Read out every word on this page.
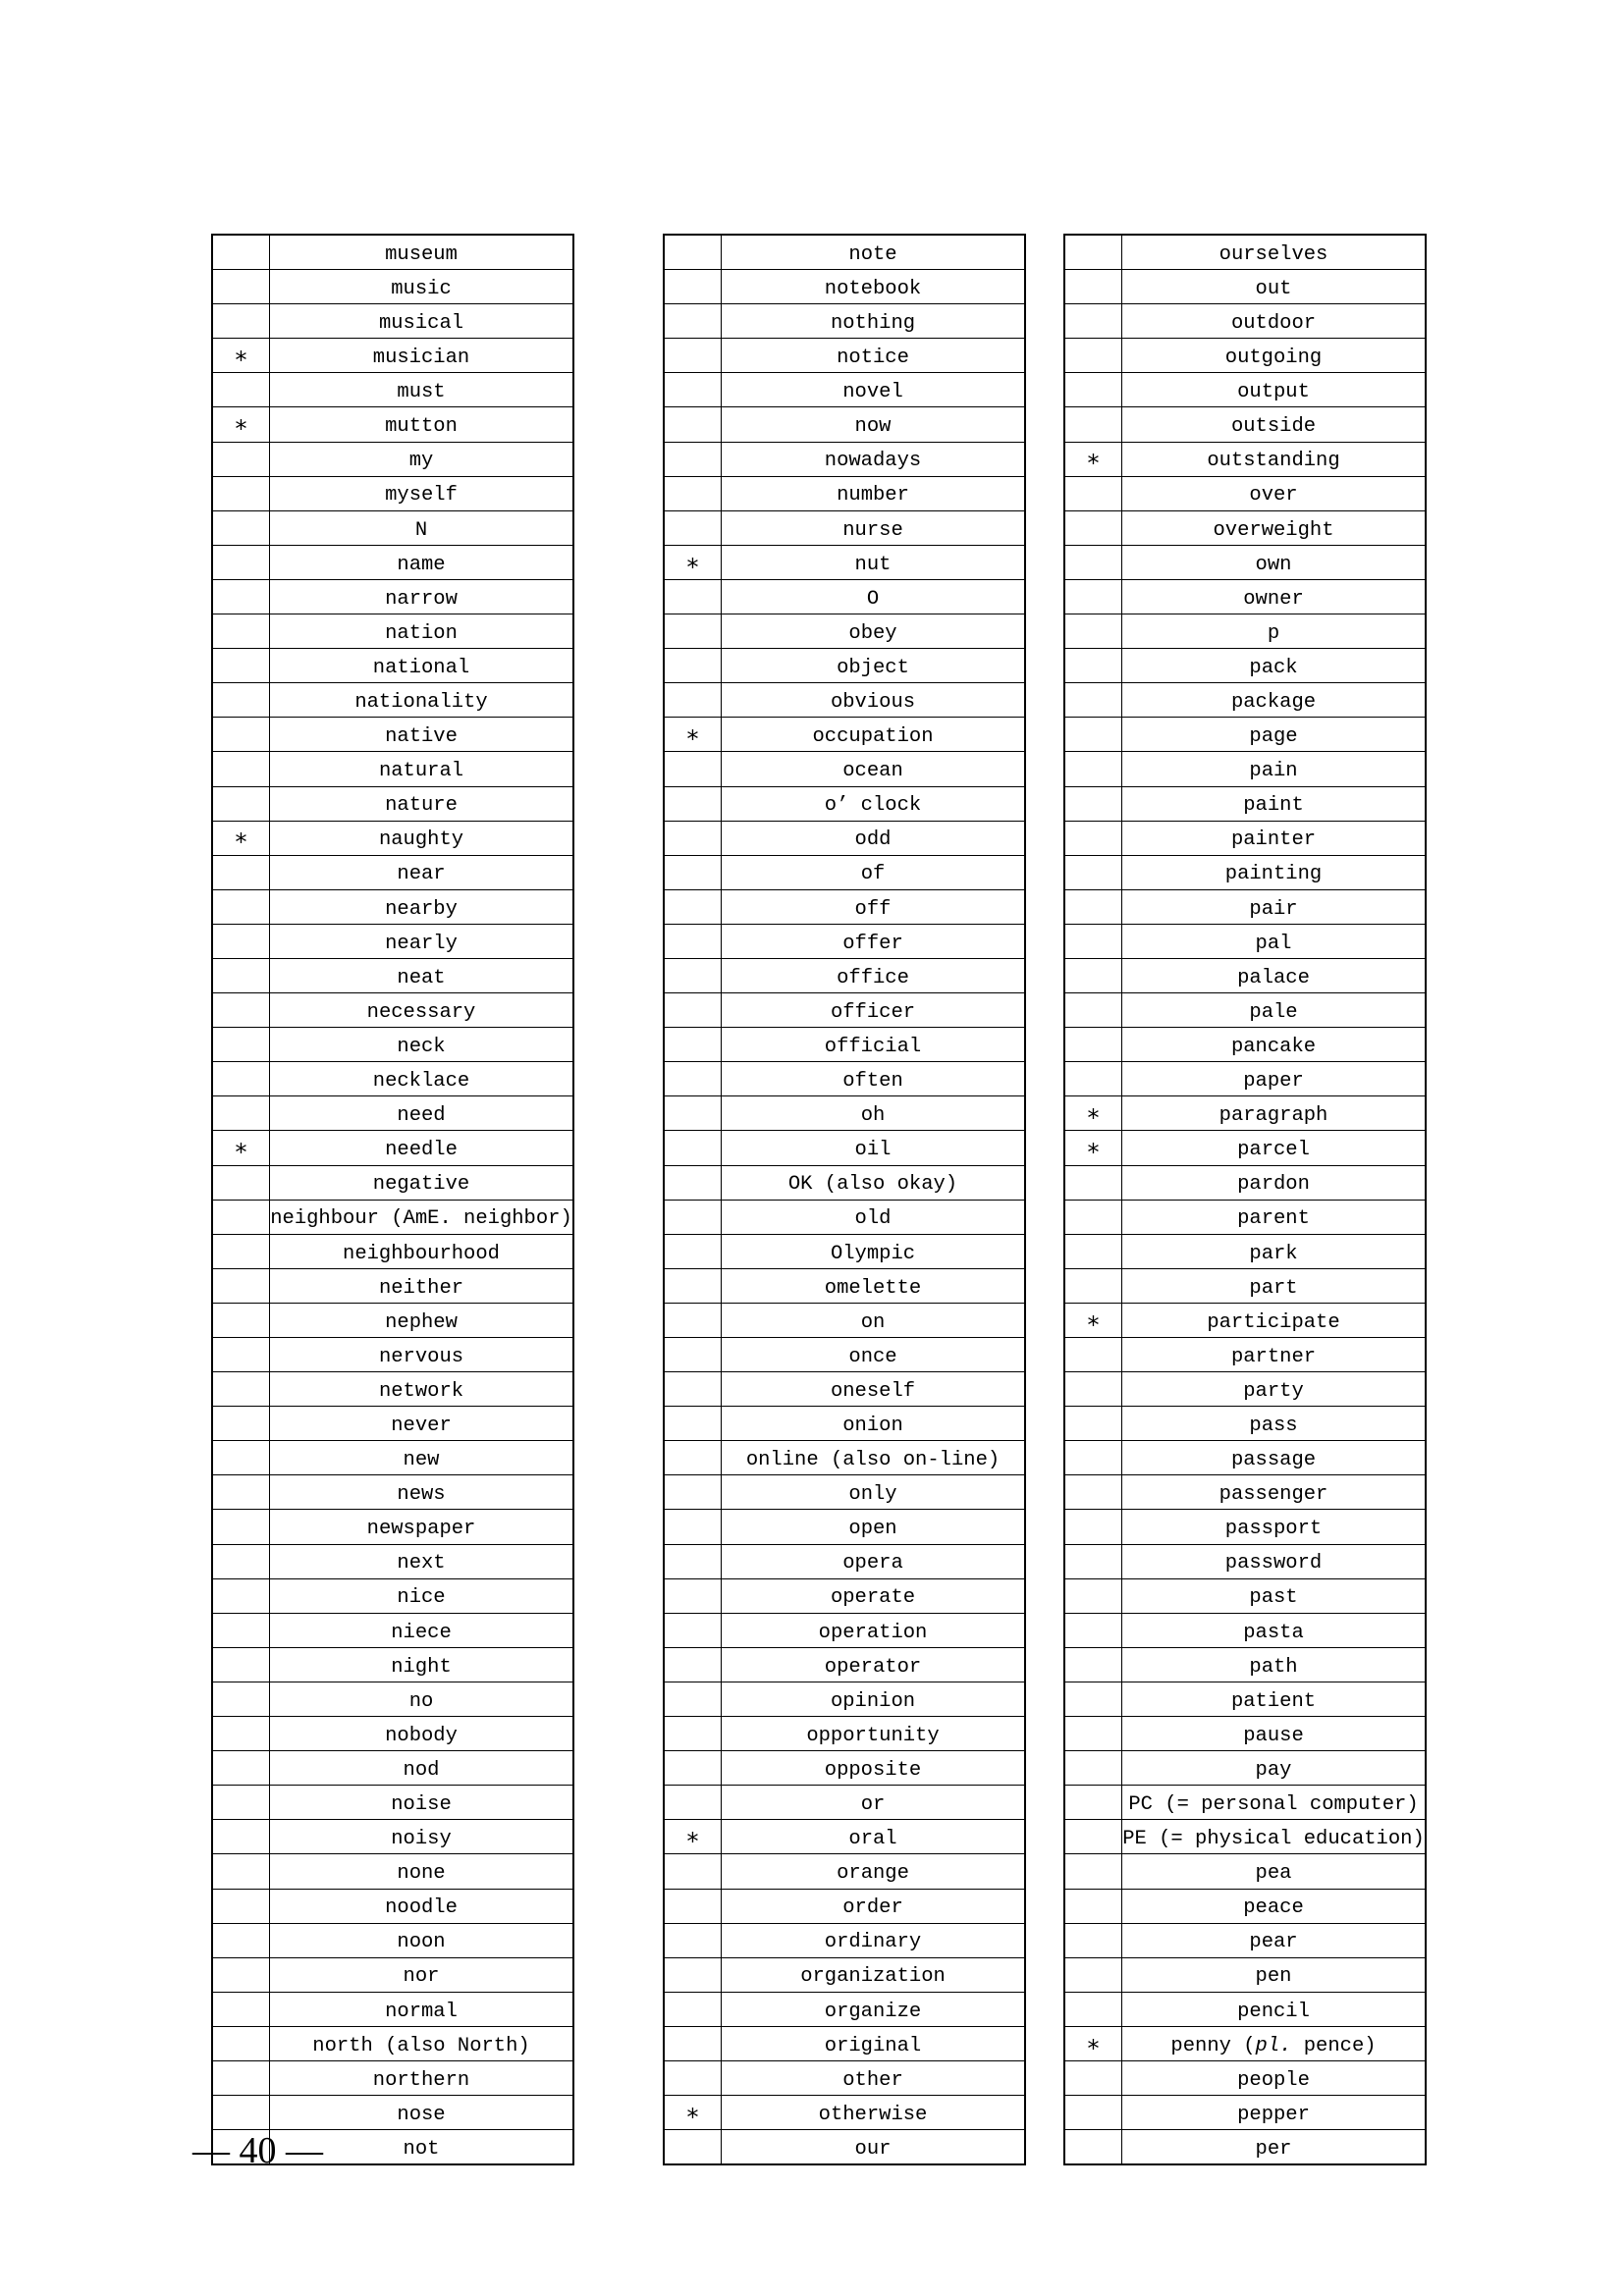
	museum
	music
	musical
*	musician
	must
*	mutton
	my
	myself
	N
	name
	narrow
	nation
	national
	nationality
	native
	natural
	nature
*	naughty
	near
	nearby
	nearly
	neat
	necessary
	neck
	necklace
	need
*	needle
	negative
	neighbour (AmE. neighbor)
	neighbourhood
	neither
	nephew
	nervous
	network
	never
	new
	news
	newspaper
	next
	nice
	niece
	night
	no
	nobody
	nod
	noise
	noisy
	none
	noodle
	noon
	nor
	normal
	north (also North)
	northern
	nose
	not
	note
	notebook
	nothing
	notice
	novel
	now
	nowadays
	number
	nurse
*	nut
	O
	obey
	object
	obvious
*	occupation
	ocean
	o’ clock
	odd
	of
	off
	offer
	office
	officer
	official
	often
	oh
	oil
	OK (also okay)
	old
	Olympic
	omelette
	on
	once
	oneself
	onion
	online (also on-line)
	only
	open
	opera
	operate
	operation
	operator
	opinion
	opportunity
	opposite
	or
*	oral
	orange
	order
	ordinary
	organization
	organize
	original
	other
*	otherwise
	our
	ourselves
	out
	outdoor
	outgoing
	output
	outside
*	outstanding
	over
	overweight
	own
	owner
	p
	pack
	package
	page
	pain
	paint
	painter
	painting
	pair
	pal
	palace
	pale
	pancake
	paper
*	paragraph
*	parcel
	pardon
	parent
	park
	part
*	participate
	partner
	party
	pass
	passage
	passenger
	passport
	password
	past
	pasta
	path
	patient
	pause
	pay
	PC (= personal computer)
	PE (= physical education)
	pea
	peace
	pear
	pen
	pencil
*	penny (pl. pence)
	people
	pepper
	per
— 40 —
